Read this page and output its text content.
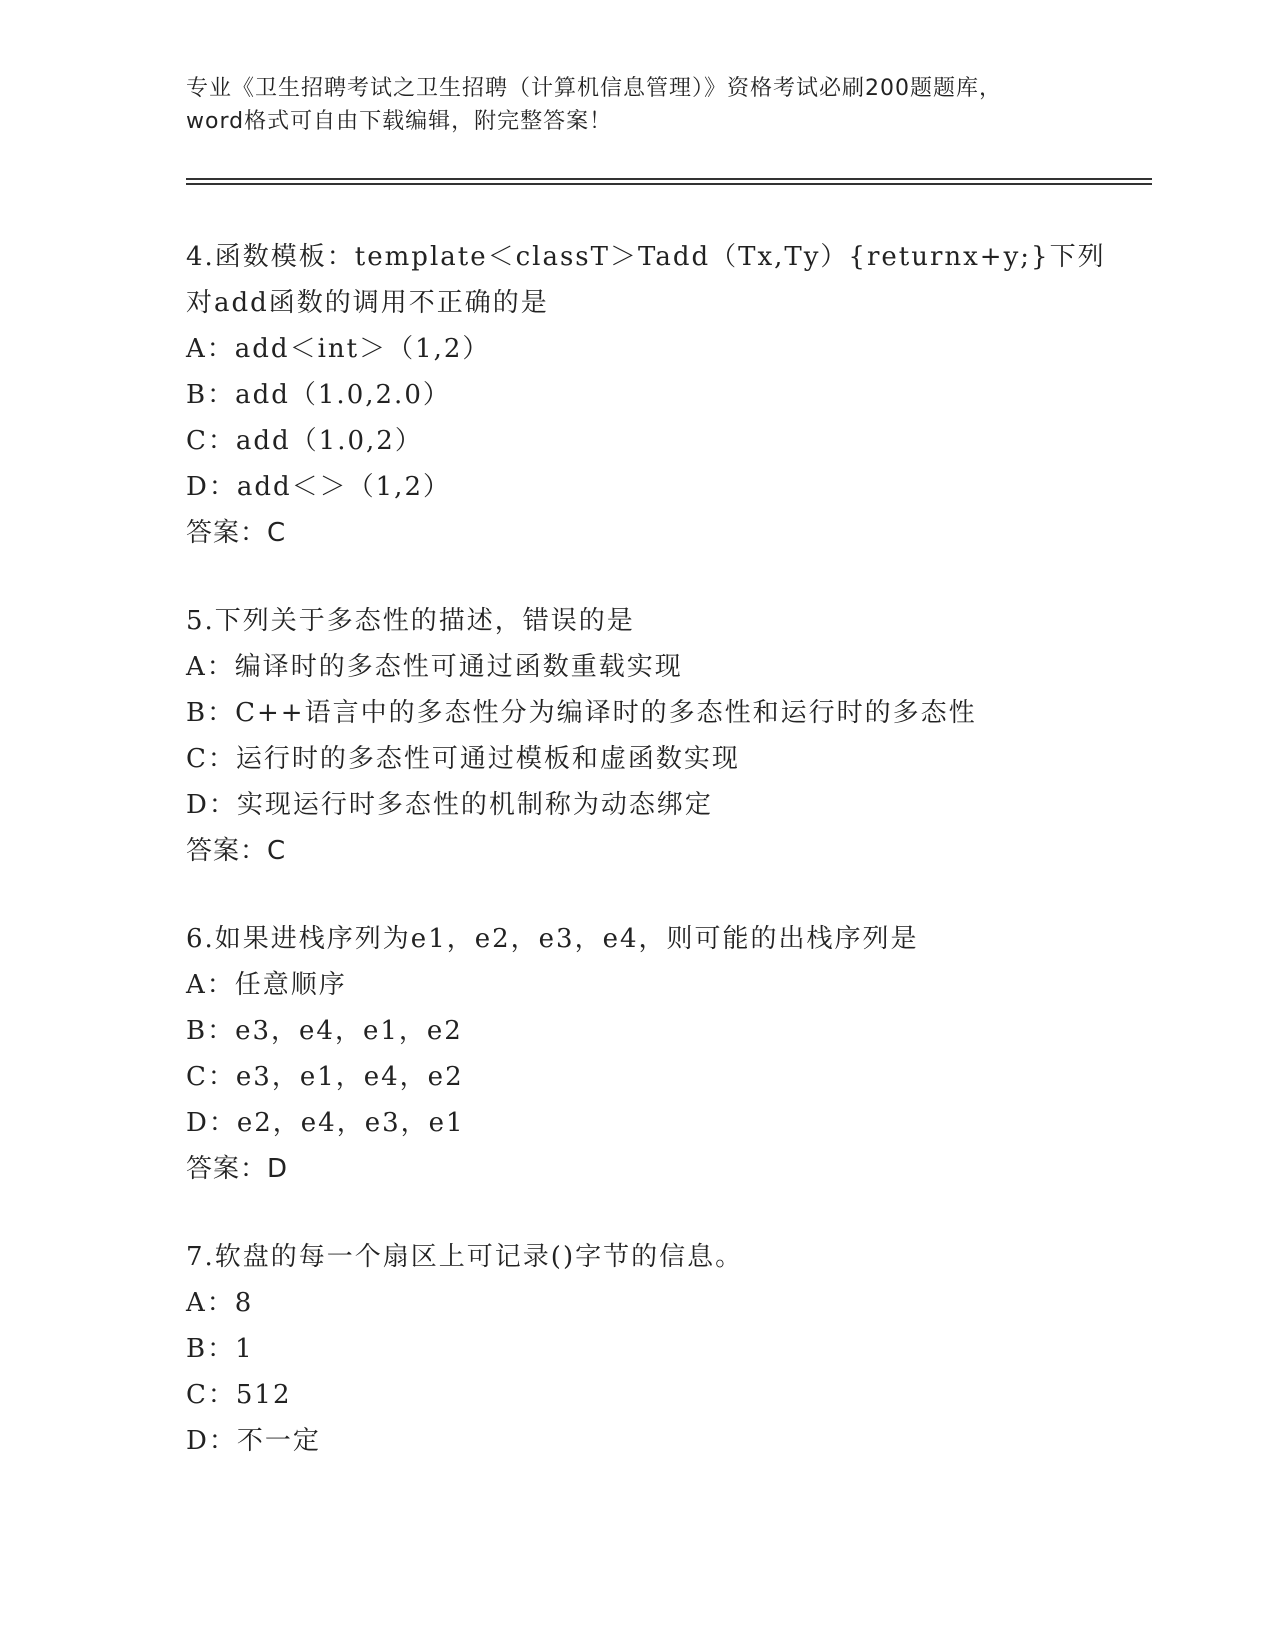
专业《卫生招聘考试之卫生招聘（计算机信息管理）》资格考试必刷200题题库，
word格式可自由下载编辑，附完整答案！

4.函数模板：template＜classT＞Tadd（Tx,Ty）{returnx+y;}下列对add函数的调用不正确的是

A：add＜int＞（1,2）

B：add（1.0,2.0）

C：add（1.0,2）

D：add＜＞（1,2）

答案：C

5.下列关于多态性的描述，错误的是

A：编译时的多态性可通过函数重载实现

B：C++语言中的多态性分为编译时的多态性和运行时的多态性

C：运行时的多态性可通过模板和虚函数实现

D：实现运行时多态性的机制称为动态绑定

答案：C

6.如果进栈序列为e1，e2，e3，e4，则可能的出栈序列是

A：任意顺序

B：e3，e4，e1，e2

C：e3，e1，e4，e2

D：e2，e4，e3，e1

答案：D

7.软盘的每一个扇区上可记录()字节的信息。

A：8

B：1

C：512

D：不一定
